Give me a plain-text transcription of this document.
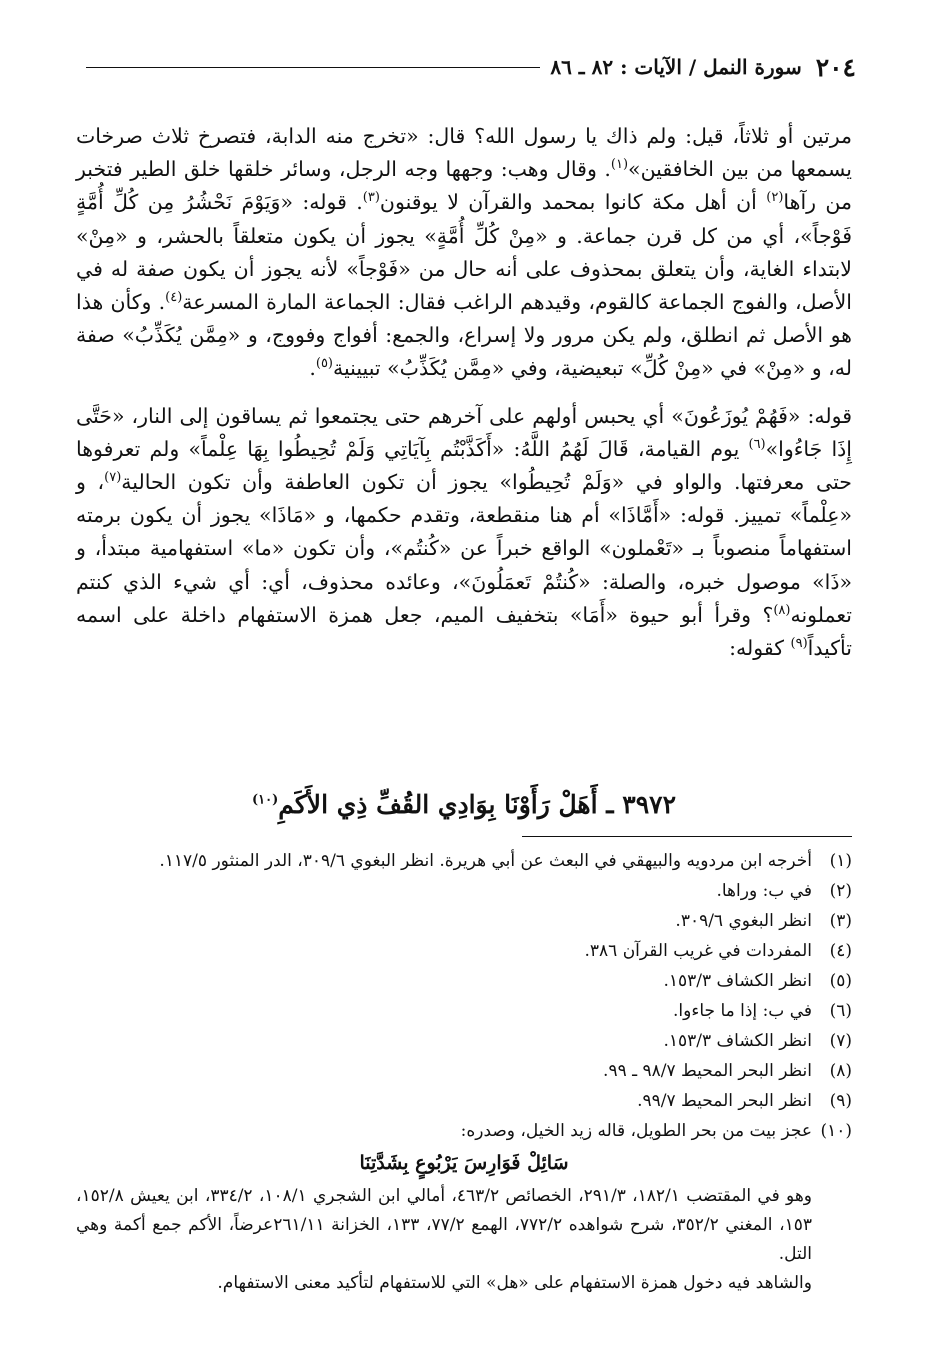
٢٠٤
سورة النمل / الآيات : ٨٢ ـ ٨٦

مرتين أو ثلاثاً، قيل: ولم ذاك يا رسول الله؟ قال: «تخرج منه الدابة، فتصرخ ثلاث صرخات يسمعها من بين الخافقين»$^{(١)}$. وقال وهب: وجهها وجه الرجل، وسائر خلقها خلق الطير فتخبر من رآها$^{(٢)}$ أن أهل مكة كانوا بمحمد والقرآن لا يوقنون$^{(٣)}$. قوله: «وَيَوْمَ نَحْشُرُ مِن كُلِّ أُمَّةٍ فَوْجاً»، أي من كل قرن جماعة. و «مِنْ كُلِّ أُمَّةٍ» يجوز أن يكون متعلقاً بالحشر، و «مِنْ» لابتداء الغاية، وأن يتعلق بمحذوف على أنه حال من «فَوْجاً» لأنه يجوز أن يكون صفة له في الأصل، والفوج الجماعة كالقوم، وقيدهم الراغب فقال: الجماعة المارة المسرعة$^{(٤)}$. وكأن هذا هو الأصل ثم انطلق، ولم يكن مرور ولا إسراع، والجمع: أفواج وفووج، و «مِمَّن يُكَذِّبُ» صفة له، و «مِنْ» في «مِنْ كُلِّ» تبعيضية، وفي «مِمَّن يُكَذِّبُ» تبيينية$^{(٥)}$.

قوله: «فَهُمْ يُوزَعُونَ» أي يحبس أولهم على آخرهم حتى يجتمعوا ثم يساقون إلى النار، «حَتَّى إِذَا جَاءُوا»$^{(٦)}$ يوم القيامة، قَالَ لَهُمُ اللَّهُ: «أَكَذَّبْتُم بِآيَاتِي وَلَمْ تُحِيطُوا بِهَا عِلْماً» ولم تعرفوها حتى معرفتها. والواو في «وَلَمْ تُحِيطُوا» يجوز أن تكون العاطفة وأن تكون الحالية$^{(٧)}$، و «عِلْماً» تمييز. قوله: «أَمَّاذَا» أم هنا منقطعة، وتقدم حكمها، و «مَاذَا» يجوز أن يكون برمته استفهاماً منصوباً بـ «تَعْملون» الواقع خبراً عن «كُنتُم»، وأن تكون «ما» استفهامية مبتدأ، و «ذَا» موصول خبره، والصلة: «كُنتُمْ تَعمَلُونَ»، وعائده محذوف، أي: أي شيء الذي كنتم تعملونه$^{(٨)}$؟ وقرأ أبو حيوة «أَمَا» بتخفيف الميم، جعل همزة الاستفهام داخلة على اسمه تأكيداً$^{(٩)}$ كقوله:

٣٩٧٢ ـ أَهَلْ رَأَوْنَا بِوَادِي القُفِّ ذِي الأَكَمِ$^{(١٠)}$
(١)
أخرجه ابن مردويه والبيهقي في البعث عن أبي هريرة. انظر البغوي ٣٠٩/٦، الدر المنثور ١١٧/٥.
(٢)
في ب: وراها.
(٣)
انظر البغوي ٣٠٩/٦.
(٤)
المفردات في غريب القرآن ٣٨٦.
(٥)
انظر الكشاف ١٥٣/٣.
(٦)
في ب: إذا ما جاءوا.
(٧)
انظر الكشاف ١٥٣/٣.
(٨)
انظر البحر المحيط ٩٨/٧ ـ ٩٩.
(٩)
انظر البحر المحيط ٩٩/٧.
(١٠)
عجز بيت من بحر الطويل، قاله زيد الخيل، وصدره:
سَائِلْ فَوَارِسَ يَرْبُوعٍ بِشَدَّتِنَا
وهو في المقتضب ١٨٢/١، ٢٩١/٣، الخصائص ٤٦٣/٢، أمالي ابن الشجري ١٠٨/١، ٣٣٤/٢، ابن يعيش ١٥٢/٨، ١٥٣، المغني ٣٥٢/٢، شرح شواهده ٧٧٢/٢، الهمع ٧٧/٢، ١٣٣، الخزانة ٢٦١/١١عرضاً، الأكم جمع أكمة وهي التل.
والشاهد فيه دخول همزة الاستفهام على «هل» التي للاستفهام لتأكيد معنى الاستفهام.
